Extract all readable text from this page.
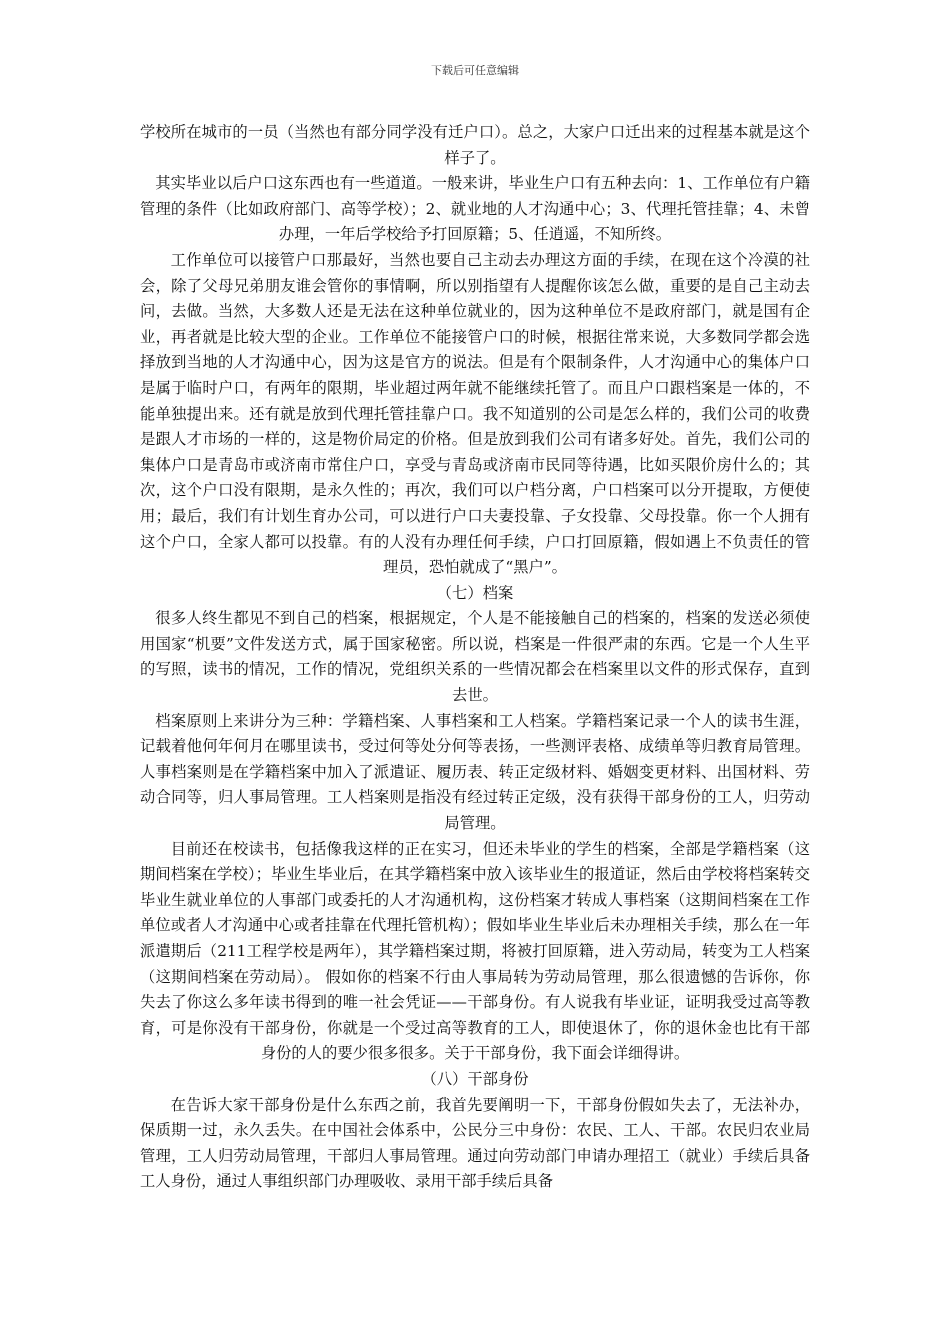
下载后可任意编辑

学校所在城市的一员（当然也有部分同学没有迁户口）。总之，大家户口迁出来的过程基本就是这个样子了。

其实毕业以后户口这东西也有一些道道。一般来讲，毕业生户口有五种去向：1、工作单位有户籍管理的条件（比如政府部门、高等学校）；2、就业地的人才沟通中心；3、代理托管挂靠；4、未曾办理，一年后学校给予打回原籍；5、任逍遥，不知所终。

工作单位可以接管户口那最好，当然也要自己主动去办理这方面的手续，在现在这个冷漠的社会，除了父母兄弟朋友谁会管你的事情啊，所以别指望有人提醒你该怎么做，重要的是自己主动去问，去做。当然，大多数人还是无法在这种单位就业的，因为这种单位不是政府部门，就是国有企业，再者就是比较大型的企业。工作单位不能接管户口的时候，根据往常来说，大多数同学都会选择放到当地的人才沟通中心，因为这是官方的说法。但是有个限制条件，人才沟通中心的集体户口是属于临时户口，有两年的限期，毕业超过两年就不能继续托管了。而且户口跟档案是一体的，不能单独提出来。还有就是放到代理托管挂靠户口。我不知道别的公司是怎么样的，我们公司的收费是跟人才市场的一样的，这是物价局定的价格。但是放到我们公司有诸多好处。首先，我们公司的集体户口是青岛市或济南市常住户口，享受与青岛或济南市民同等待遇，比如买限价房什么的；其次，这个户口没有限期，是永久性的；再次，我们可以户档分离，户口档案可以分开提取，方便使用；最后，我们有计划生育办公司，可以进行户口夫妻投靠、子女投靠、父母投靠。你一个人拥有这个户口，全家人都可以投靠。有的人没有办理任何手续，户口打回原籍，假如遇上不负责任的管理员，恐怕就成了“黑户”。

（七）档案

很多人终生都见不到自己的档案，根据规定，个人是不能接触自己的档案的，档案的发送必须使用国家“机要”文件发送方式，属于国家秘密。所以说，档案是一件很严肃的东西。它是一个人生平的写照，读书的情况，工作的情况，党组织关系的一些情况都会在档案里以文件的形式保存，直到去世。

档案原则上来讲分为三种：学籍档案、人事档案和工人档案。学籍档案记录一个人的读书生涯，记载着他何年何月在哪里读书，受过何等处分何等表扬，一些测评表格、成绩单等归教育局管理。人事档案则是在学籍档案中加入了派遣证、履历表、转正定级材料、婚姻变更材料、出国材料、劳动合同等，归人事局管理。工人档案则是指没有经过转正定级，没有获得干部身份的工人，归劳动局管理。

目前还在校读书，包括像我这样的正在实习，但还未毕业的学生的档案，全部是学籍档案（这期间档案在学校）；毕业生毕业后，在其学籍档案中放入该毕业生的报道证，然后由学校将档案转交毕业生就业单位的人事部门或委托的人才沟通机构，这份档案才转成人事档案（这期间档案在工作单位或者人才沟通中心或者挂靠在代理托管机构）；假如毕业生毕业后未办理相关手续，那么在一年派遣期后（211工程学校是两年），其学籍档案过期，将被打回原籍，进入劳动局，转变为工人档案（这期间档案在劳动局）。 假如你的档案不行由人事局转为劳动局管理，那么很遗憾的告诉你，你失去了你这么多年读书得到的唯一社会凭证——干部身份。有人说我有毕业证，证明我受过高等教育，可是你没有干部身份，你就是一个受过高等教育的工人，即使退休了，你的退休金也比有干部身份的人的要少很多很多。关于干部身份，我下面会详细得讲。

（八）干部身份

在告诉大家干部身份是什么东西之前，我首先要阐明一下，干部身份假如失去了，无法补办，保质期一过，永久丢失。在中国社会体系中，公民分三中身份：农民、工人、干部。农民归农业局管理，工人归劳动局管理，干部归人事局管理。通过向劳动部门申请办理招工（就业）手续后具备工人身份，通过人事组织部门办理吸收、录用干部手续后具备
